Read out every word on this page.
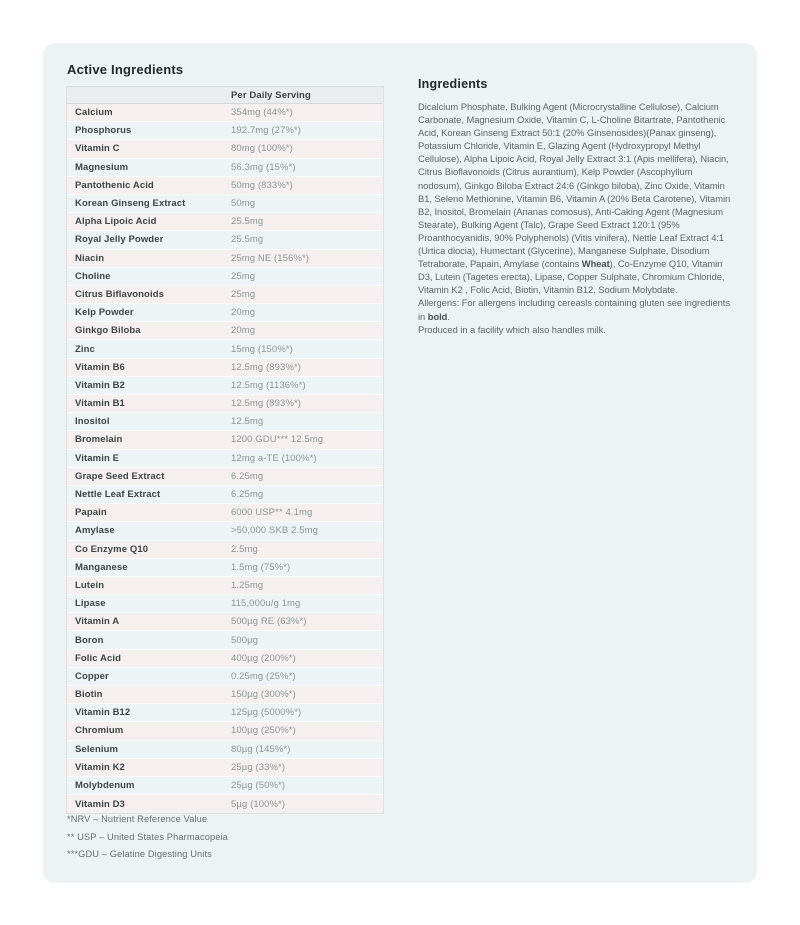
Active Ingredients
Per Daily Serving
Calcium	354mg (44%*)
Phosphorus	192.7mg (27%*)
Vitamin C	80mg (100%*)
Magnesium	56.3mg (15%*)
Pantothenic Acid	50mg (833%*)
Korean Ginseng Extract	50mg
Alpha Lipoic Acid	25.5mg
Royal Jelly Powder	25.5mg
Niacin	25mg NE (156%*)
Choline	25mg
Citrus Biflavonoids	25mg
Kelp Powder	20mg
Ginkgo Biloba	20mg
Zinc	15mg (150%*)
Vitamin B6	12.5mg (893%*)
Vitamin B2	12.5mg (1136%*)
Vitamin B1	12.5mg (893%*)
Inositol	12.5mg
Bromelain	1200 GDU*** 12.5mg
Vitamin E	12mg a-TE (100%*)
Grape Seed Extract	6.25mg
Nettle Leaf Extract	6.25mg
Papain	6000 USP** 4.1mg
Amylase	>50,000 SKB 2.5mg
Co Enzyme Q10	2.5mg
Manganese	1.5mg (75%*)
Lutein	1.25mg
Lipase	115,000u/g 1mg
Vitamin A	500µg RE (63%*)
Boron	500µg
Folic Acid	400µg (200%*)
Copper	0.25mg (25%*)
Biotin	150µg (300%*)
Vitamin B12	125µg (5000%*)
Chromium	100µg (250%*)
Selenium	80µg (145%*)
Vitamin K2	25µg (33%*)
Molybdenum	25µg (50%*)
Vitamin D3	5µg (100%*)
*NRV – Nutrient Reference Value
** USP – United States Pharmacopeia
***GDU – Gelatine Digesting Units
Ingredients

Dicalcium Phosphate, Bulking Agent (Microcrystalline Cellulose), Calcium Carbonate, Magnesium Oxide, Vitamin C, L-Choline Bitartrate, Pantothenic Acid, Korean Ginseng Extract 50:1 (20% Ginsenosides)(Panax ginseng), Potassium Chloride, Vitamin E, Glazing Agent (Hydroxypropyl Methyl Cellulose), Alpha Lipoic Acid, Royal Jelly Extract 3:1 (Apis mellifera), Niacin, Citrus Bioflavonoids (Citrus aurantium), Kelp Powder (Ascophyllum nodosum), Ginkgo Biloba Extract 24:6 (Ginkgo biloba), Zinc Oxide, Vitamin B1, Seleno Methionine, Vitamin B6, Vitamin A (20% Beta Carotene), Vitamin B2, Inositol, Bromelain (Ananas comosus), Anti-Caking Agent (Magnesium Stearate), Bulking Agent (Talc), Grape Seed Extract 120:1 (95% Proanthocyanidis, 90% Polyphenols) (Vitis vinifera), Nettle Leaf Extract 4:1 (Urtica diocia), Humectant (Glycerine), Manganese Sulphate, Disodium Tetraborate, Papain, Amylase (contains Wheat), Co-Enzyme Q10, Vitamin D3, Lutein (Tagetes erecta), Lipase, Copper Sulphate, Chromium Chloride, Vitamin K2 , Folic Acid, Biotin, Vitamin B12, Sodium Molybdate.

Allergens: For allergens including cereasls containing gluten see ingredients in bold.

Produced in a facility which also handles milk.
